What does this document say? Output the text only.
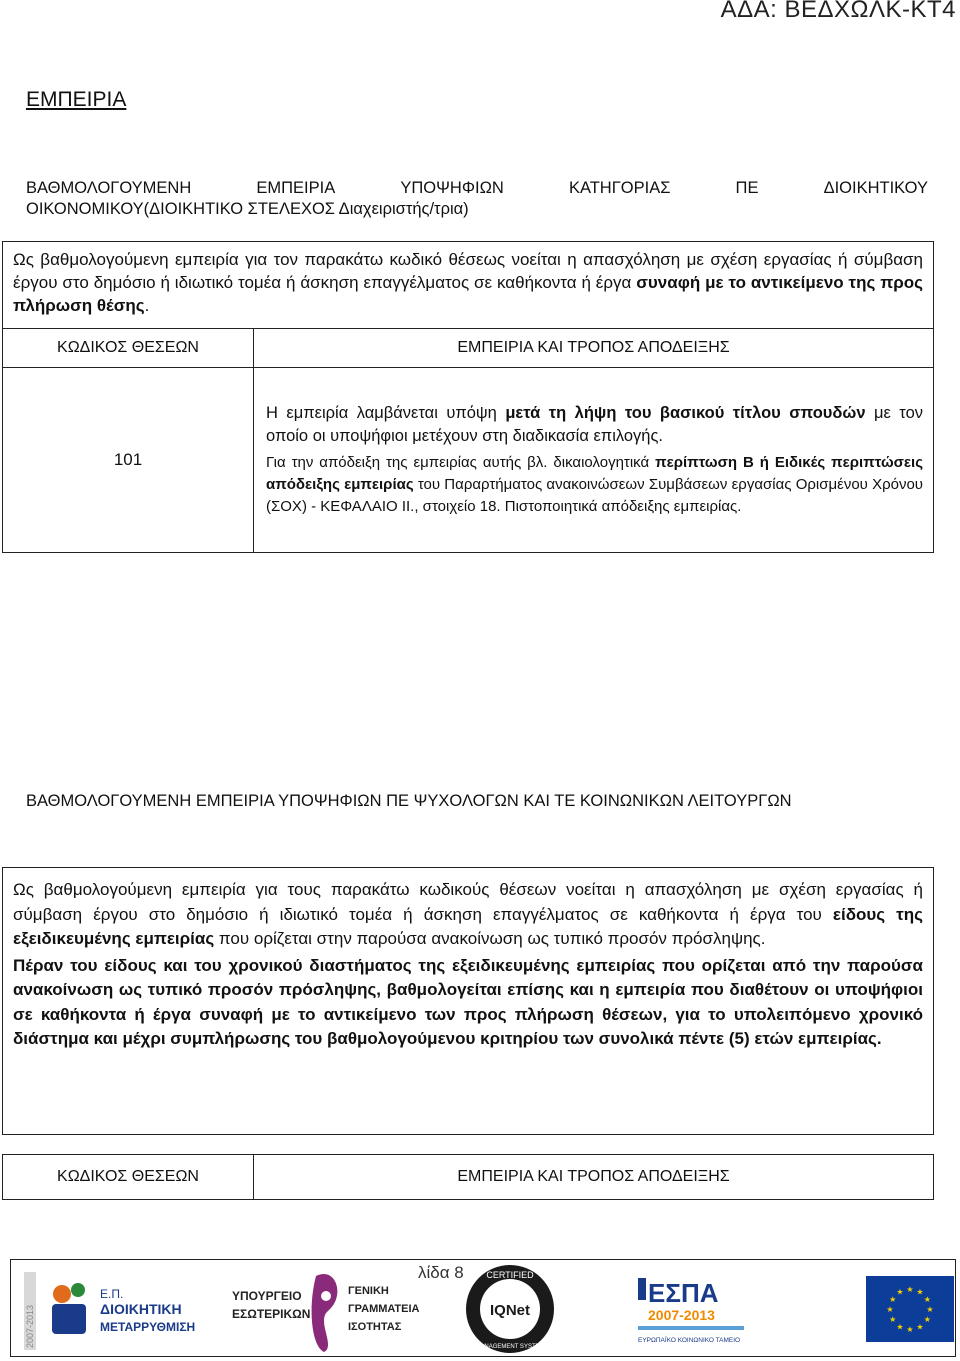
ΑΔΑ: ΒΕΔΧΩΛΚ-ΚΤ4
ΕΜΠΕΙΡΙΑ
ΒΑΘΜΟΛΟΓΟΥΜΕΝΗ	ΕΜΠΕΙΡΙΑ	ΥΠΟΨΗΦΙΩΝ	ΚΑΤΗΓΟΡΙΑΣ	ΠΕ	ΔΙΟΙΚΗΤΙΚΟΥ
ΟΙΚΟΝΟΜΙΚΟΥ(ΔΙΟΙΚΗΤΙΚΟ ΣΤΕΛΕΧΟΣ Διαχειριστής/τρια)

Ως βαθμολογούμενη εμπειρία για τον παρακάτω κωδικό θέσεως νοείται η απασχόληση με σχέση εργασίας ή σύμβαση έργου στο δημόσιο ή ιδιωτικό τομέα ή άσκηση επαγγέλματος σε καθήκοντα ή έργα συναφή με το αντικείμενο της προς πλήρωση θέσης.

ΚΩΔΙΚΟΣ ΘΕΣΕΩΝ	ΕΜΠΕΙΡΙΑ ΚΑΙ ΤΡΟΠΟΣ ΑΠΟΔΕΙΞΗΣ
101	Η εμπειρία λαμβάνεται υπόψη μετά τη λήψη του βασικού τίτλου σπουδών με τον οποίο οι υποψήφιοι μετέχουν στη διαδικασία επιλογής.

Για την απόδειξη της εμπειρίας αυτής βλ. δικαιολογητικά περίπτωση Β ή Ειδικές περιπτώσεις απόδειξης εμπειρίας του Παραρτήματος ανακοινώσεων Συμβάσεων εργασίας Ορισμένου Χρόνου (ΣΟΧ) - ΚΕΦΑΛΑΙΟ ΙΙ., στοιχείο 18. Πιστοποιητικά απόδειξης εμπειρίας.

ΒΑΘΜΟΛΟΓΟΥΜΕΝΗ ΕΜΠΕΙΡΙΑ ΥΠΟΨΗΦΙΩΝ ΠΕ ΨΥΧΟΛΟΓΩΝ ΚΑΙ ΤΕ ΚΟΙΝΩΝΙΚΩΝ ΛΕΙΤΟΥΡΓΩΝ

Ως βαθμολογούμενη εμπειρία για τους παρακάτω κωδικούς θέσεων νοείται η απασχόληση με σχέση εργασίας ή σύμβαση έργου στο δημόσιο ή ιδιωτικό τομέα ή άσκηση επαγγέλματος σε καθήκοντα ή έργα του είδους της εξειδικευμένης εμπειρίας που ορίζεται στην παρούσα ανακοίνωση ως τυπικό προσόν πρόσληψης.

Πέραν του είδους και του χρονικού διαστήματος της εξειδικευμένης εμπειρίας που ορίζεται από την παρούσα ανακοίνωση ως τυπικό προσόν πρόσληψης, βαθμολογείται επίσης και η εμπειρία που διαθέτουν οι υποψήφιοι σε καθήκοντα ή έργα συναφή με το αντικείμενο των προς πλήρωση θέσεων, για το υπολειπόμενο χρονικό διάστημα και μέχρι συμπλήρωσης του βαθμολογούμενου κριτηρίου των συνολικά πέντε (5) ετών εμπειρίας.

ΚΩΔΙΚΟΣ ΘΕΣΕΩΝ	ΕΜΠΕΙΡΙΑ ΚΑΙ ΤΡΟΠΟΣ ΑΠΟΔΕΙΞΗΣ
λίδα 8
2007-2013
Ε.Π.
ΔΙΟΙΚΗΤΙΚΗ
ΜΕΤΑΡΡΥΘΜΙΣΗ
ΥΠΟΥΡΓΕΙΟ
ΕΣΩΤΕΡΙΚΩΝ
ΓΕΝΙΚΗ
ΓΡΑΜΜΑΤΕΙΑ
ΙΣΟΤΗΤΑΣ
CERTIFIED
IQNet
MANAGEMENT SYSTEM
ΕΣΠΑ
2007-2013
ΕΥΡΩΠΑΪΚΟ ΚΟΙΝΩΝΙΚΟ ΤΑΜΕΙΟ
★ ★
★
★
★
★
★
★
★
★
★
★
